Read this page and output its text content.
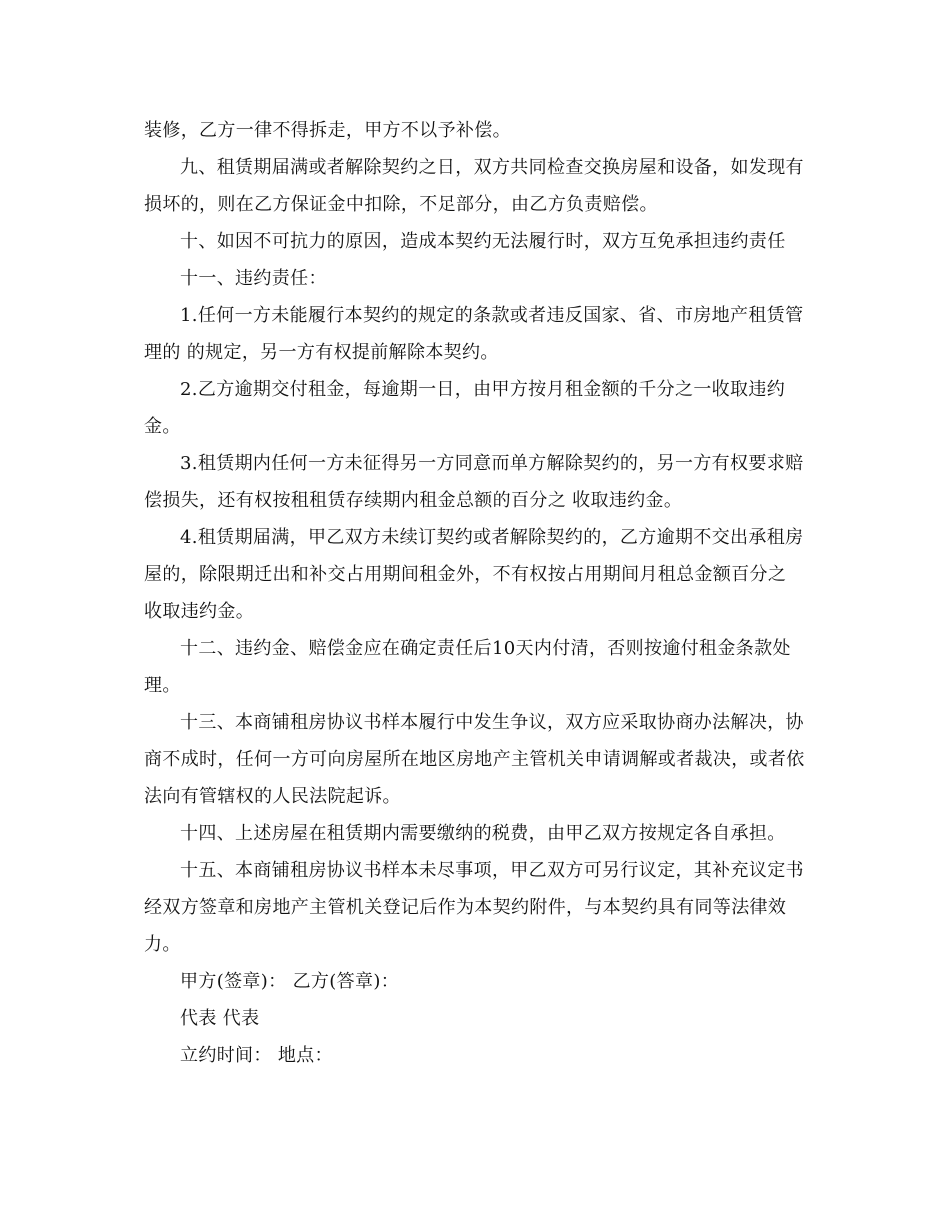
装修，乙方一律不得拆走，甲方不以予补偿。

九、租赁期届满或者解除契约之日，双方共同检查交换房屋和设备，如发现有损坏的，则在乙方保证金中扣除，不足部分，由乙方负责赔偿。

十、如因不可抗力的原因，造成本契约无法履行时，双方互免承担违约责任

十一、违约责任：

1.任何一方未能履行本契约的规定的条款或者违反国家、省、市房地产租赁管理的 的规定，另一方有权提前解除本契约。

2.乙方逾期交付租金，每逾期一日，由甲方按月租金额的千分之一收取违约金。

3.租赁期内任何一方未征得另一方同意而单方解除契约的，另一方有权要求赔偿损失，还有权按租租赁存续期内租金总额的百分之 收取违约金。

4.租赁期届满，甲乙双方未续订契约或者解除契约的，乙方逾期不交出承租房屋的，除限期迁出和补交占用期间租金外，不有权按占用期间月租总金额百分之 收取违约金。

十二、违约金、赔偿金应在确定责任后10天内付清，否则按逾付租金条款处理。

十三、本商铺租房协议书样本履行中发生争议，双方应采取协商办法解决，协商不成时，任何一方可向房屋所在地区房地产主管机关申请调解或者裁决，或者依法向有管辖权的人民法院起诉。

十四、上述房屋在租赁期内需要缴纳的税费，由甲乙双方按规定各自承担。

十五、本商铺租房协议书样本未尽事项，甲乙双方可另行议定，其补充议定书经双方签章和房地产主管机关登记后作为本契约附件，与本契约具有同等法律效力。

甲方(签章)： 乙方(答章)：

代表 代表

立约时间： 地点：
